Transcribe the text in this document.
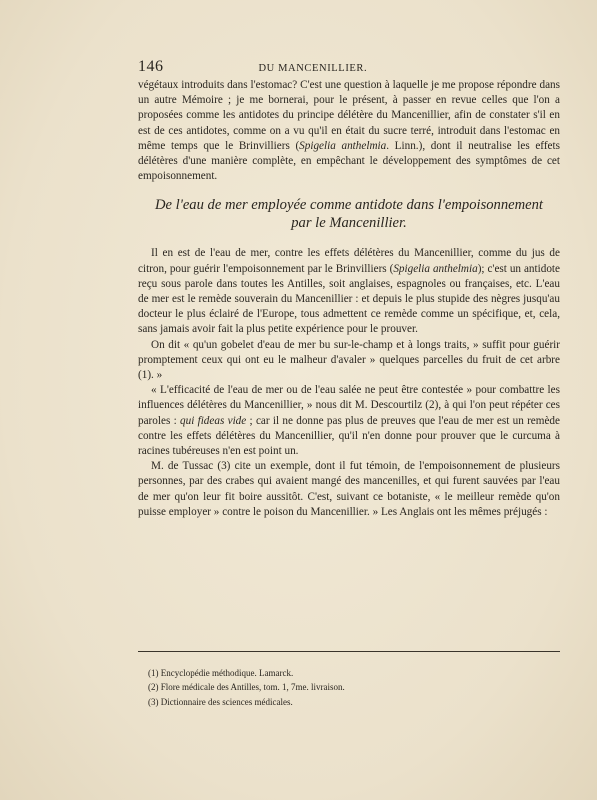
146	DU MANCENILLIER.

végétaux introduits dans l'estomac? C'est une question à laquelle je me propose répondre dans un autre Mémoire ; je me bornerai, pour le présent, à passer en revue celles que l'on a proposées comme les antidotes du principe délétère du Mancenillier, afin de constater s'il en est de ces antidotes, comme on a vu qu'il en était du sucre terré, introduit dans l'estomac en même temps que le Brinvilliers (Spigelia anthelmia. Linn.), dont il neutralise les effets délétères d'une manière complète, en empêchant le développement des symptômes de cet empoisonnement.

De l'eau de mer employée comme antidote dans l'empoisonnement
par le Mancenillier.

Il en est de l'eau de mer, contre les effets délétères du Mancenillier, comme du jus de citron, pour guérir l'empoisonnement par le Brinvilliers (Spigelia anthelmia); c'est un antidote reçu sous parole dans toutes les Antilles, soit anglaises, espagnoles ou françaises, etc. L'eau de mer est le remède souverain du Mancenillier : et depuis le plus stupide des nègres jusqu'au docteur le plus éclairé de l'Europe, tous admettent ce remède comme un spécifique, et, cela, sans jamais avoir fait la plus petite expérience pour le prouver.

On dit « qu'un gobelet d'eau de mer bu sur-le-champ et à longs traits, » suffit pour guérir promptement ceux qui ont eu le malheur d'avaler » quelques parcelles du fruit de cet arbre (1). »

« L'efficacité de l'eau de mer ou de l'eau salée ne peut être contestée » pour combattre les influences délétères du Mancenillier, » nous dit M. Descourtilz (2), à qui l'on peut répéter ces paroles : qui fideas vide ; car il ne donne pas plus de preuves que l'eau de mer est un remède contre les effets délétères du Mancenillier, qu'il n'en donne pour prouver que le curcuma à racines tubéreuses n'en est point un.

M. de Tussac (3) cite un exemple, dont il fut témoin, de l'empoisonnement de plusieurs personnes, par des crabes qui avaient mangé des mancenilles, et qui furent sauvées par l'eau de mer qu'on leur fit boire aussitôt. C'est, suivant ce botaniste, « le meilleur remède qu'on puisse employer » contre le poison du Mancenillier. » Les Anglais ont les mêmes préjugés :

(1) Encyclopédie méthodique. Lamarck.

(2) Flore médicale des Antilles, tom. 1, 7me. livraison.

(3) Dictionnaire des sciences médicales.
